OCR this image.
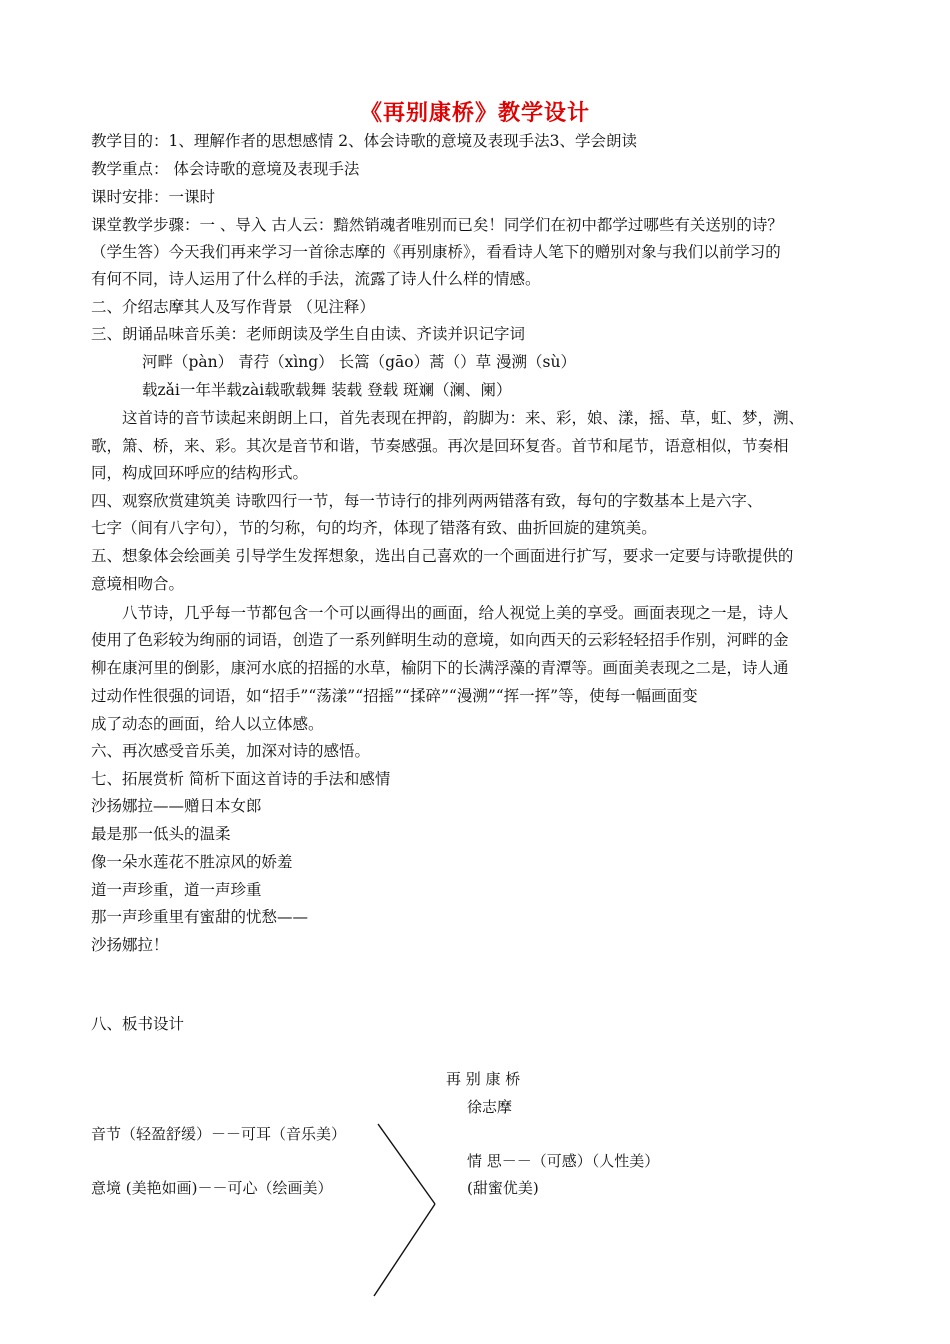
《再别康桥》教学设计
教学目的：1、理解作者的思想感情 2、体会诗歌的意境及表现手法3、学会朗读
教学重点： 体会诗歌的意境及表现手法
课时安排：一课时
课堂教学步骤：一 、导入 古人云：黯然销魂者唯别而已矣！同学们在初中都学过哪些有关送别的诗？
（学生答）今天我们再来学习一首徐志摩的《再别康桥》，看看诗人笔下的赠别对象与我们以前学习的
有何不同，诗人运用了什么样的手法，流露了诗人什么样的情感。
二、介绍志摩其人及写作背景 （见注释）
三、朗诵品味音乐美：老师朗读及学生自由读、齐读并识记字词
河畔（pàn） 青荇（xìng） 长篙（gāo）蒿（）草 漫溯（sù）
载zǎi一年半载zài载歌载舞 装载 登载 斑斓（澜、阑）
这首诗的音节读起来朗朗上口，首先表现在押韵，韵脚为：来、彩，娘、漾，摇、草，虹、梦，溯、
歌，箫、桥，来、彩。其次是音节和谐，节奏感强。再次是回环复沓。首节和尾节，语意相似，节奏相
同，构成回环呼应的结构形式。
四、观察欣赏建筑美 诗歌四行一节，每一节诗行的排列两两错落有致，每句的字数基本上是六字、
七字（间有八字句），节的匀称，句的均齐，体现了错落有致、曲折回旋的建筑美。
五、想象体会绘画美 引导学生发挥想象，选出自己喜欢的一个画面进行扩写，要求一定要与诗歌提供的
意境相吻合。
八节诗，几乎每一节都包含一个可以画得出的画面，给人视觉上美的享受。画面表现之一是，诗人
使用了色彩较为绚丽的词语，创造了一系列鲜明生动的意境，如向西天的云彩轻轻招手作别，河畔的金
柳在康河里的倒影，康河水底的招摇的水草，榆阴下的长满浮藻的青潭等。画面美表现之二是，诗人通
过动作性很强的词语，如“招手”“荡漾”“招摇”“揉碎”“漫溯”“挥一挥”等，使每一幅画面变
成了动态的画面，给人以立体感。
六、再次感受音乐美，加深对诗的感悟。
七、拓展赏析 简析下面这首诗的手法和感情
沙扬娜拉——赠日本女郎
最是那一低头的温柔
像一朵水莲花不胜凉风的娇羞
道一声珍重，道一声珍重
那一声珍重里有蜜甜的忧愁——
沙扬娜拉！
八、板书设计
再 别 康 桥
徐志摩
音节（轻盈舒缓）－－可耳（音乐美）
意境 (美艳如画)－－可心（绘画美）
情 思－－（可感）（人性美）
(甜蜜优美)
